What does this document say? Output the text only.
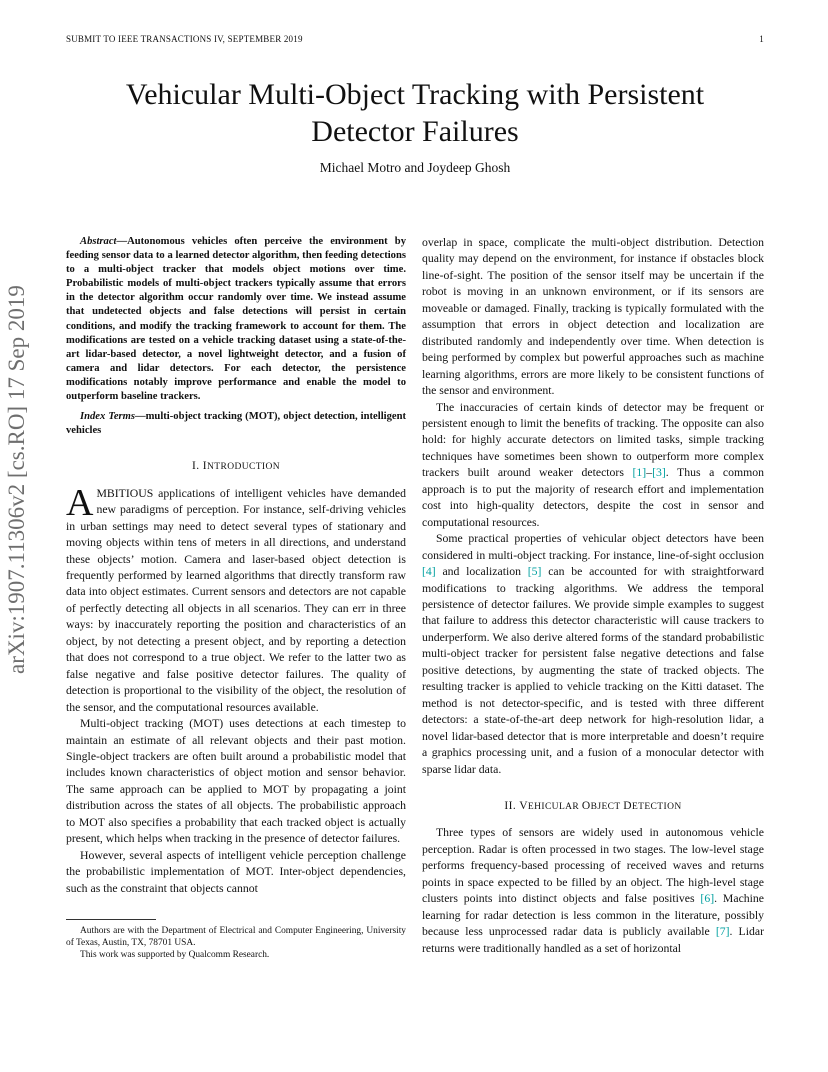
SUBMIT TO IEEE TRANSACTIONS IV, SEPTEMBER 2019	1
Vehicular Multi-Object Tracking with Persistent
Detector Failures
Michael Motro and Joydeep Ghosh
arXiv:1907.11306v2 [cs.RO] 17 Sep 2019

Abstract—Autonomous vehicles often perceive the environment by feeding sensor data to a learned detector algorithm, then feeding detections to a multi-object tracker that models object motions over time. Probabilistic models of multi-object trackers typically assume that errors in the detector algorithm occur randomly over time. We instead assume that undetected objects and false detections will persist in certain conditions, and modify the tracking framework to account for them. The modifications are tested on a vehicle tracking dataset using a state-of-the-art lidar-based detector, a novel lightweight detector, and a fusion of camera and lidar detectors. For each detector, the persistence modifications notably improve performance and enable the model to outperform baseline trackers.

Index Terms—multi-object tracking (MOT), object detection, intelligent vehicles

I. INTRODUCTION

AMBITIOUS applications of intelligent vehicles have demanded new paradigms of perception. For instance, self-driving vehicles in urban settings may need to detect several types of stationary and moving objects within tens of meters in all directions, and understand these objects’ motion. Camera and laser-based object detection is frequently performed by learned algorithms that directly transform raw data into object estimates. Current sensors and detectors are not capable of perfectly detecting all objects in all scenarios. They can err in three ways: by inaccurately reporting the position and characteristics of an object, by not detecting a present object, and by reporting a detection that does not correspond to a true object. We refer to the latter two as false negative and false positive detector failures. The quality of detection is proportional to the visibility of the object, the resolution of the sensor, and the computational resources available.

Multi-object tracking (MOT) uses detections at each timestep to maintain an estimate of all relevant objects and their past motion. Single-object trackers are often built around a probabilistic model that includes known characteristics of object motion and sensor behavior. The same approach can be applied to MOT by propagating a joint distribution across the states of all objects. The probabilistic approach to MOT also specifies a probability that each tracked object is actually present, which helps when tracking in the presence of detector failures.

However, several aspects of intelligent vehicle perception challenge the probabilistic implementation of MOT. Inter-object dependencies, such as the constraint that objects cannot

Authors are with the Department of Electrical and Computer Engineering, University of Texas, Austin, TX, 78701 USA.

This work was supported by Qualcomm Research.

overlap in space, complicate the multi-object distribution. Detection quality may depend on the environment, for instance if obstacles block line-of-sight. The position of the sensor itself may be uncertain if the robot is moving in an unknown environment, or if its sensors are moveable or damaged. Finally, tracking is typically formulated with the assumption that errors in object detection and localization are distributed randomly and independently over time. When detection is being performed by complex but powerful approaches such as machine learning algorithms, errors are more likely to be consistent functions of the sensor and environment.

The inaccuracies of certain kinds of detector may be frequent or persistent enough to limit the benefits of tracking. The opposite can also hold: for highly accurate detectors on limited tasks, simple tracking techniques have sometimes been shown to outperform more complex trackers built around weaker detectors [1]–[3]. Thus a common approach is to put the majority of research effort and implementation cost into high-quality detectors, despite the cost in sensor and computational resources.

Some practical properties of vehicular object detectors have been considered in multi-object tracking. For instance, line-of-sight occlusion [4] and localization [5] can be accounted for with straightforward modifications to tracking algorithms. We address the temporal persistence of detector failures. We provide simple examples to suggest that failure to address this detector characteristic will cause trackers to underperform. We also derive altered forms of the standard probabilistic multi-object tracker for persistent false negative detections and false positive detections, by augmenting the state of tracked objects. The resulting tracker is applied to vehicle tracking on the Kitti dataset. The method is not detector-specific, and is tested with three different detectors: a state-of-the-art deep network for high-resolution lidar, a novel lidar-based detector that is more interpretable and doesn’t require a graphics processing unit, and a fusion of a monocular detector with sparse lidar data.

II. VEHICULAR OBJECT DETECTION

Three types of sensors are widely used in autonomous vehicle perception. Radar is often processed in two stages. The low-level stage performs frequency-based processing of received waves and returns points in space expected to be filled by an object. The high-level stage clusters points into distinct objects and false positives [6]. Machine learning for radar detection is less common in the literature, possibly because less unprocessed radar data is publicly available [7]. Lidar returns were traditionally handled as a set of horizontal
